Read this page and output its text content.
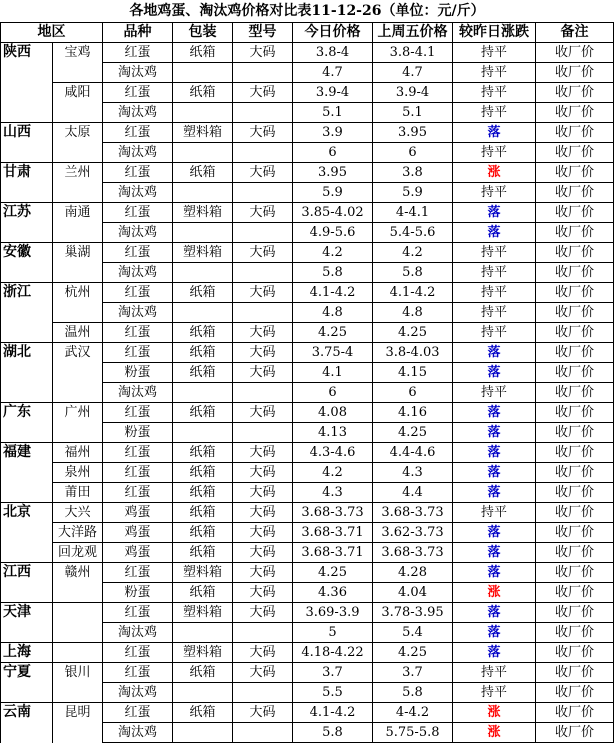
各地鸡蛋、淘汰鸡价格对比表11-12-26（单位：元/斤）
地区		品种	包装	型号	今日价格	上周五价格	较昨日涨跌	备注
陕西	宝鸡	红蛋	纸箱	大码	3.8-4	3.8-4.1	持平	收厂价
		淘汰鸡			4.7	4.7	持平	收厂价
	咸阳	红蛋	纸箱	大码	3.9-4	3.9-4	持平	收厂价
		淘汰鸡			5.1	5.1	持平	收厂价
山西	太原	红蛋	塑料箱	大码	3.9	3.95	落	收厂价
		淘汰鸡			6	6	持平	收厂价
甘肃	兰州	红蛋	纸箱	大码	3.95	3.8	涨	收厂价
		淘汰鸡			5.9	5.9	持平	收厂价
江苏	南通	红蛋	塑料箱	大码	3.85-4.02	4-4.1	落	收厂价
		淘汰鸡			4.9-5.6	5.4-5.6	落	收厂价
安徽	巢湖	红蛋	塑料箱	大码	4.2	4.2	持平	收厂价
		淘汰鸡			5.8	5.8	持平	收厂价
浙江	杭州	红蛋	纸箱	大码	4.1-4.2	4.1-4.2	持平	收厂价
		淘汰鸡			4.8	4.8	持平	收厂价
	温州	红蛋	纸箱	大码	4.25	4.25	持平	收厂价
湖北	武汉	红蛋	纸箱	大码	3.75-4	3.8-4.03	落	收厂价
		粉蛋	纸箱	大码	4.1	4.15	落	收厂价
		淘汰鸡			6	6	持平	收厂价
广东	广州	红蛋	纸箱	大码	4.08	4.16	落	收厂价
		粉蛋			4.13	4.25	落	收厂价
福建	福州	红蛋	纸箱	大码	4.3-4.6	4.4-4.6	落	收厂价
	泉州	红蛋	纸箱	大码	4.2	4.3	落	收厂价
	莆田	红蛋	纸箱	大码	4.3	4.4	落	收厂价
北京	大兴	鸡蛋	纸箱	大码	3.68-3.73	3.68-3.73	持平	收厂价
	大洋路	鸡蛋	纸箱	大码	3.68-3.71	3.62-3.73	落	收厂价
	回龙观	鸡蛋	纸箱	大码	3.68-3.71	3.68-3.73	落	收厂价
江西	赣州	红蛋	塑料箱	大码	4.25	4.28	落	收厂价
		粉蛋	纸箱	大码	4.36	4.04	涨	收厂价
天津		红蛋	塑料箱	大码	3.69-3.9	3.78-3.95	落	收厂价
		淘汰鸡			5	5.4	落	收厂价
上海		红蛋	塑料箱	大码	4.18-4.22	4.25	落	收厂价
宁夏	银川	红蛋	纸箱	大码	3.7	3.7	持平	收厂价
		淘汰鸡			5.5	5.8	持平	收厂价
云南	昆明	红蛋	纸箱	大码	4.1-4.2	4-4.2	涨	收厂价
		淘汰鸡			5.8	5.75-5.8	涨	收厂价
